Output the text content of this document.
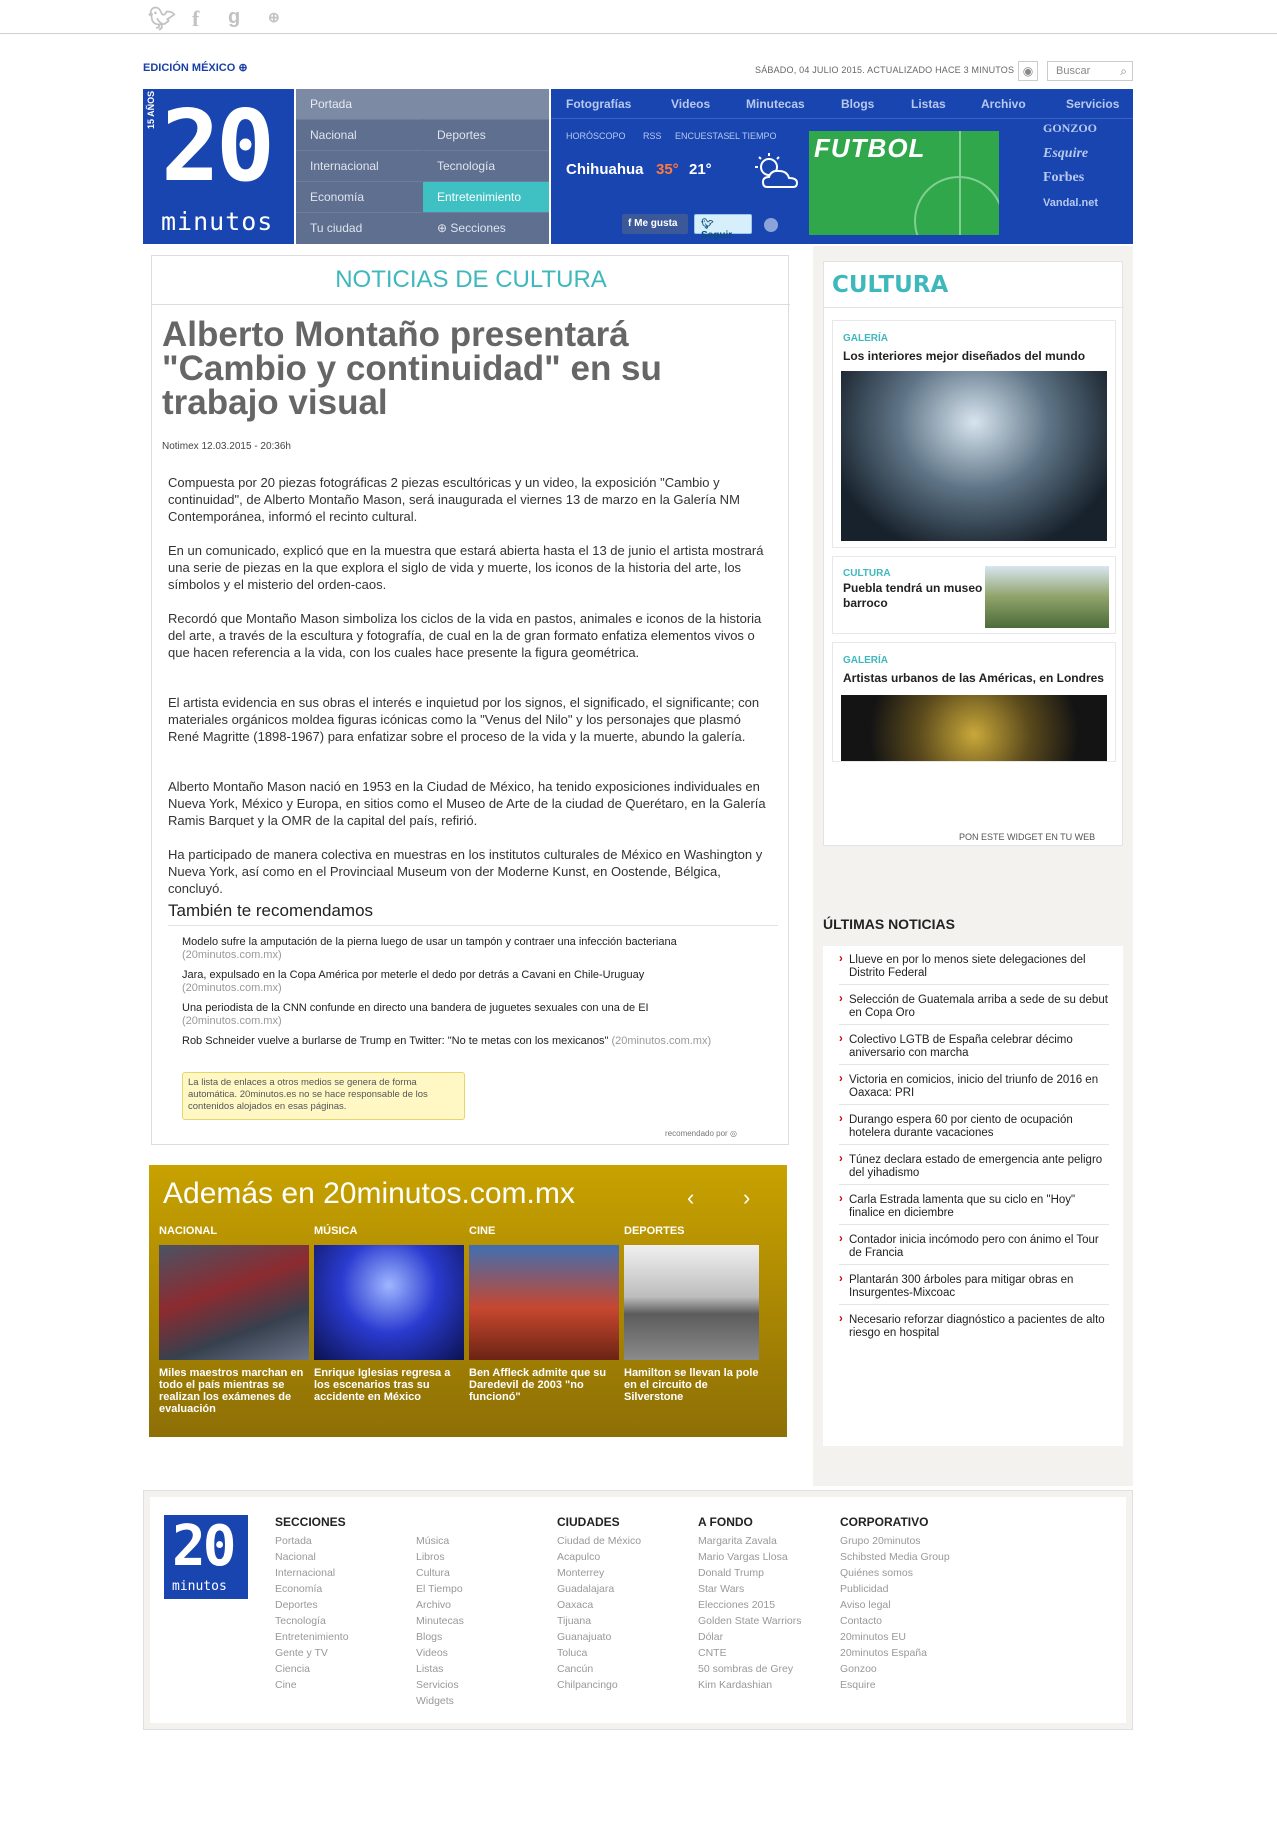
🐦︎ f g ⊕
EDICIÓN MÉXICO ⊕	SÁBADO, 04 JULIO 2015. ACTUALIZADO HACE 3 MINUTOS ◉	Buscar	⌕
15 AÑOS 20
minutos
Portada
Nacional
Internacional
Economía
Tu ciudad
Deportes
Tecnología
Entretenimiento
⊕ Secciones
Fotografías	Videos	Minutecas	Blogs	Listas	Archivo	Servicios
HORÓSCOPO RSS ENCUESTAS EL TIEMPO
Chihuahua 35° 21°
f Me gusta	🐦︎ Seguir
FUTBOL
GONZOO
Esquire
Forbes
Vandal.net
NOTICIAS DE CULTURA
Alberto Montaño presentará "Cambio y continuidad" en su trabajo visual
Notimex 12.03.2015 - 20:36h

Compuesta por 20 piezas fotográficas 2 piezas escultóricas y un video, la exposición "Cambio y continuidad", de Alberto Montaño Mason, será inaugurada el viernes 13 de marzo en la Galería NM Contemporánea, informó el recinto cultural.

En un comunicado, explicó que en la muestra que estará abierta hasta el 13 de junio el artista mostrará una serie de piezas en la que explora el siglo de vida y muerte, los iconos de la historia del arte, los símbolos y el misterio del orden-caos.

Recordó que Montaño Mason simboliza los ciclos de la vida en pastos, animales e iconos de la historia del arte, a través de la escultura y fotografía, de cual en la de gran formato enfatiza elementos vivos o que hacen referencia a la vida, con los cuales hace presente la figura geométrica.

El artista evidencia en sus obras el interés e inquietud por los signos, el significado, el significante; con materiales orgánicos moldea figuras icónicas como la "Venus del Nilo" y los personajes que plasmó René Magritte (1898-1967) para enfatizar sobre el proceso de la vida y la muerte, abundo la galería.

Alberto Montaño Mason nació en 1953 en la Ciudad de México, ha tenido exposiciones individuales en Nueva York, México y Europa, en sitios como el Museo de Arte de la ciudad de Querétaro, en la Galería Ramis Barquet y la OMR de la capital del país, refirió.

Ha participado de manera colectiva en muestras en los institutos culturales de México en Washington y Nueva York, así como en el Provinciaal Museum von der Moderne Kunst, en Oostende, Bélgica, concluyó.

También te recomendamos
Modelo sufre la amputación de la pierna luego de usar un tampón y contraer una infección bacteriana
(20minutos.com.mx)
Jara, expulsado en la Copa América por meterle el dedo por detrás a Cavani en Chile-Uruguay
(20minutos.com.mx)
Una periodista de la CNN confunde en directo una bandera de juguetes sexuales con una de EI
(20minutos.com.mx)
Rob Schneider vuelve a burlarse de Trump en Twitter: "No te metas con los mexicanos" (20minutos.com.mx)
La lista de enlaces a otros medios se genera de forma automática. 20minutos.es no se hace responsable de los contenidos alojados en esas páginas.
recomendado por ◎
Además en 20minutos.com.mx	‹ ›
NACIONAL
Miles maestros marchan en todo el país mientras se realizan los exámenes de evaluación
MÚSICA
Enrique Iglesias regresa a los escenarios tras su accidente en México
CINE
Ben Affleck admite que su Daredevil de 2003 "no funcionó"
DEPORTES
Hamilton se llevan la pole en el circuito de Silverstone
CULTURA
GALERÍA
Los interiores mejor diseñados del mundo
CULTURA
Puebla tendrá un museo barroco
GALERÍA
Artistas urbanos de las Américas, en Londres
PON ESTE WIDGET EN TU WEB
ÚLTIMAS NOTICIAS
› Llueve en por lo menos siete delegaciones del Distrito Federal
› Selección de Guatemala arriba a sede de su debut en Copa Oro
› Colectivo LGTB de España celebrar décimo aniversario con marcha
› Victoria en comicios, inicio del triunfo de 2016 en Oaxaca: PRI
› Durango espera 60 por ciento de ocupación hotelera durante vacaciones
› Túnez declara estado de emergencia ante peligro del yihadismo
› Carla Estrada lamenta que su ciclo en "Hoy" finalice en diciembre
› Contador inicia incómodo pero con ánimo el Tour de Francia
› Plantarán 300 árboles para mitigar obras en Insurgentes-Mixcoac
› Necesario reforzar diagnóstico a pacientes de alto riesgo en hospital
20
minutos
SECCIONES
Portada
Nacional
Internacional
Economía
Deportes
Tecnología
Entretenimiento
Gente y TV
Ciencia
Cine
Música
Libros
Cultura
El Tiempo
Archivo
Minutecas
Blogs
Videos
Listas
Servicios
Widgets
CIUDADES
Ciudad de México
Acapulco
Monterrey
Guadalajara
Oaxaca
Tijuana
Guanajuato
Toluca
Cancún
Chilpancingo
A FONDO
Margarita Zavala
Mario Vargas Llosa
Donald Trump
Star Wars
Elecciones 2015
Golden State Warriors
Dólar
CNTE
50 sombras de Grey
Kim Kardashian
CORPORATIVO
Grupo 20minutos
Schibsted Media Group
Quiénes somos
Publicidad
Aviso legal
Contacto
20minutos EU
20minutos España
Gonzoo
Esquire
